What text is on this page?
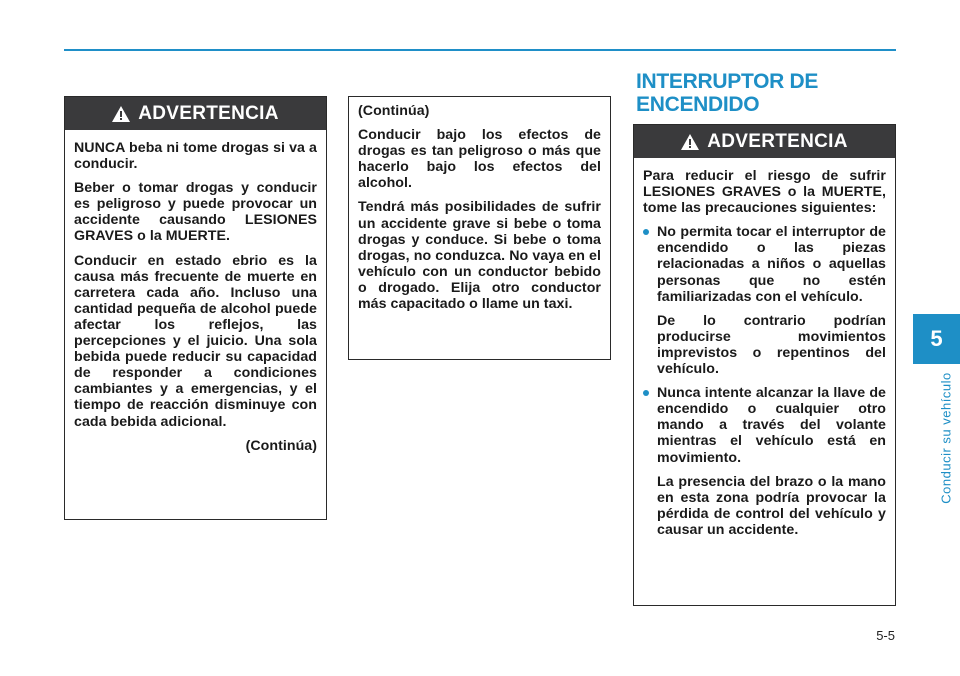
ADVERTENCIA

NUNCA beba ni tome drogas si va a conducir.

Beber o tomar drogas y conducir es peligroso y puede provocar un accidente causando LESIONES GRAVES o la MUERTE.

Conducir en estado ebrio es la causa más frecuente de muerte en carretera cada año. Incluso una cantidad pequeña de alcohol puede afectar los reflejos, las percepciones y el juicio. Una sola bebida puede reducir su capacidad de responder a condiciones cambiantes y a emergencias, y el tiempo de reacción disminuye con cada bebida adicional.

(Continúa)

(Continúa)

Conducir bajo los efectos de drogas es tan peligroso o más que hacerlo bajo los efectos del alcohol.

Tendrá más posibilidades de sufrir un accidente grave si bebe o toma drogas y conduce. Si bebe o toma drogas, no conduzca. No vaya en el vehículo con un conductor bebido o drogado. Elija otro conductor más capacitado o llame un taxi.

INTERRUPTOR DE
ENCENDIDO
ADVERTENCIA

Para reducir el riesgo de sufrir LESIONES GRAVES o la MUERTE, tome las precauciones siguientes:

No permita tocar el interruptor de encendido o las piezas relacionadas a niños o aquellas personas que no estén familiarizadas con el vehículo.
De lo contrario podrían producirse movimientos imprevistos o repentinos del vehículo.
Nunca intente alcanzar la llave de encendido o cualquier otro mando a través del volante mientras el vehículo está en movimiento.
La presencia del brazo o la mano en esta zona podría provocar la pérdida de control del vehículo y causar un accidente.
5
Conducir su vehículo
5-5
